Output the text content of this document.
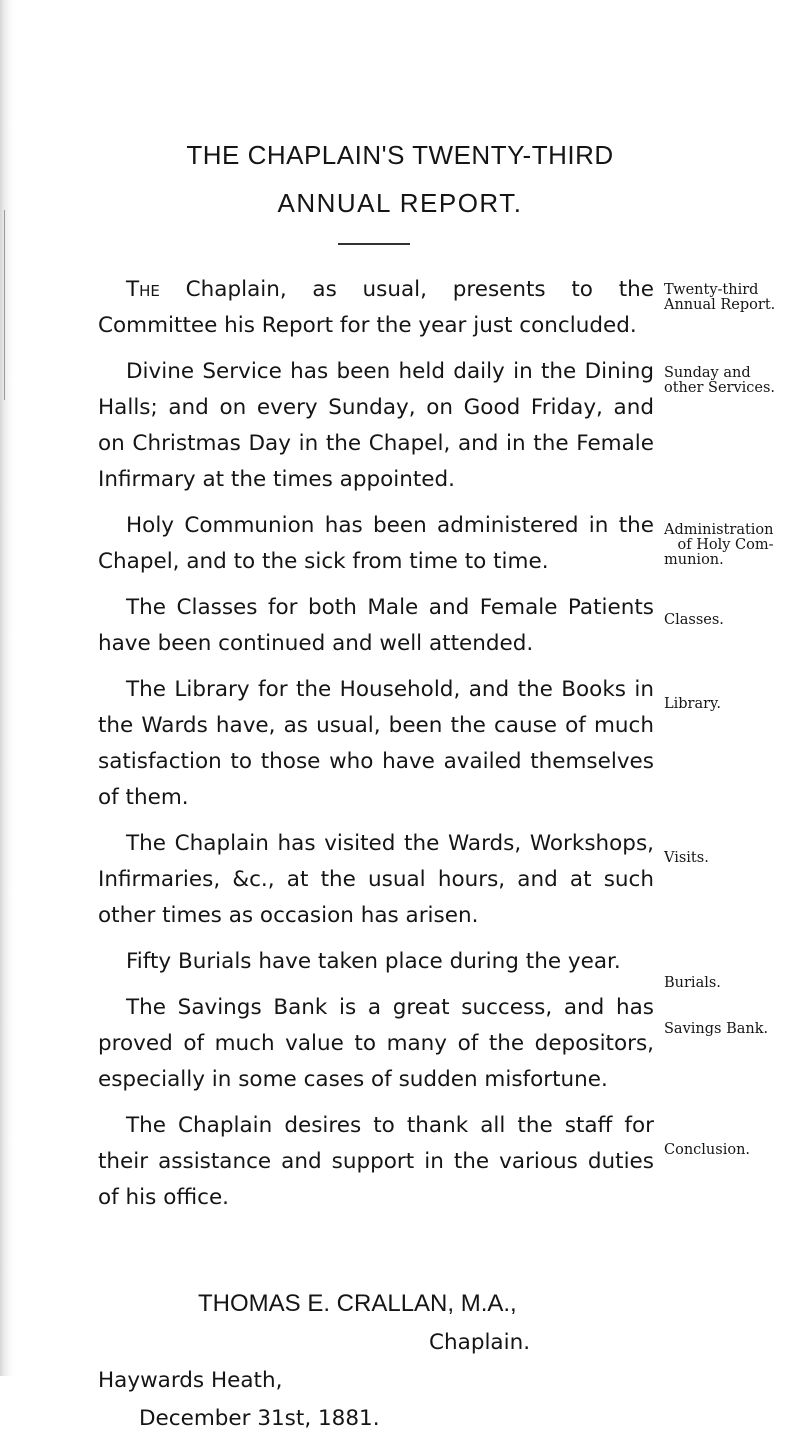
THE CHAPLAIN'S TWENTY-THIRD
ANNUAL REPORT.

The Chaplain, as usual, presents to the Committee his Report for the year just concluded.

Divine Service has been held daily in the Dining Halls; and on every Sunday, on Good Friday, and on Christmas Day in the Chapel, and in the Female Infirmary at the times appointed.

Holy Communion has been administered in the Chapel, and to the sick from time to time.

The Classes for both Male and Female Patients have been continued and well attended.

The Library for the Household, and the Books in the Wards have, as usual, been the cause of much satisfaction to those who have availed themselves of them.

The Chaplain has visited the Wards, Workshops, Infirmaries, &c., at the usual hours, and at such other times as occasion has arisen.

Fifty Burials have taken place during the year.

The Savings Bank is a great success, and has proved of much value to many of the depositors, especially in some cases of sudden misfortune.

The Chaplain desires to thank all the staff for their assistance and support in the various duties of his office.

Twenty-third
Annual Report.
Sunday and
other Services.
Administration
of Holy Com-
munion.
Classes.
Library.
Visits.
Burials.
Savings Bank.
Conclusion.
THOMAS E. CRALLAN, M.A.,
Chaplain.
Haywards Heath,
December 31st, 1881.
